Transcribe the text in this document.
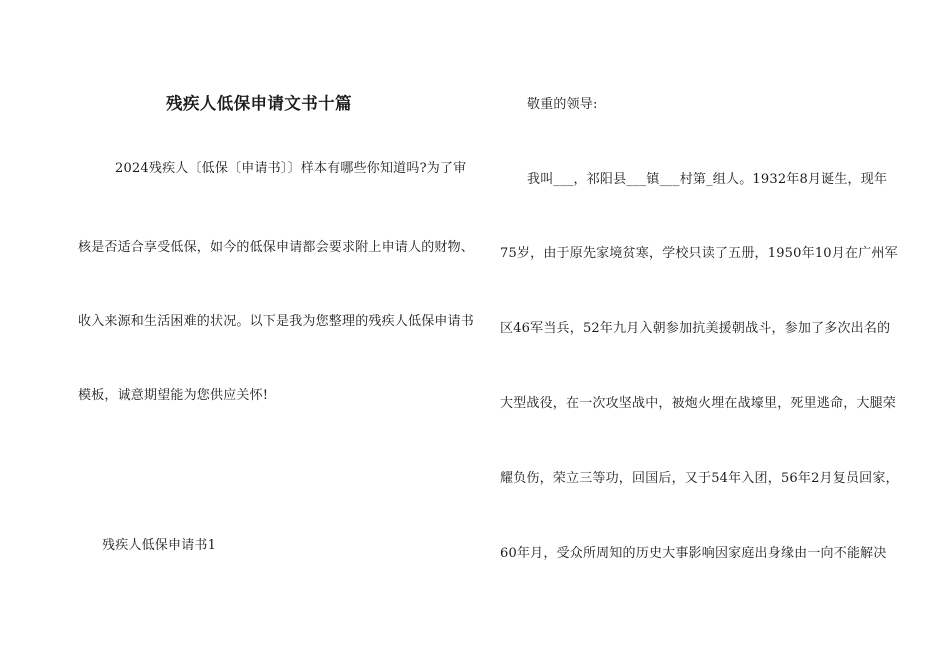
残疾人低保申请文书十篇
2024残疾人〔低保〔申请书〕〕样本有哪些你知道吗?为了审
核是否适合享受低保，如今的低保申请都会要求附上申请人的财物、
收入来源和生活困难的状况。以下是我为您整理的残疾人低保申请书
模板，诚意期望能为您供应关怀!
残疾人低保申请书1
敬重的领导:
我叫___，祁阳县___镇___村第_组人。1932年8月诞生，现年
75岁，由于原先家境贫寒，学校只读了五册，1950年10月在广州军
区46军当兵，52年九月入朝参加抗美援朝战斗，参加了多次出名的
大型战役，在一次攻坚战中，被炮火埋在战壕里，死里逃命，大腿荣
耀负伤，荣立三等功，回国后，又于54年入团，56年2月复员回家，
60年月，受众所周知的历史大事影响因家庭出身缘由一向不能解决
